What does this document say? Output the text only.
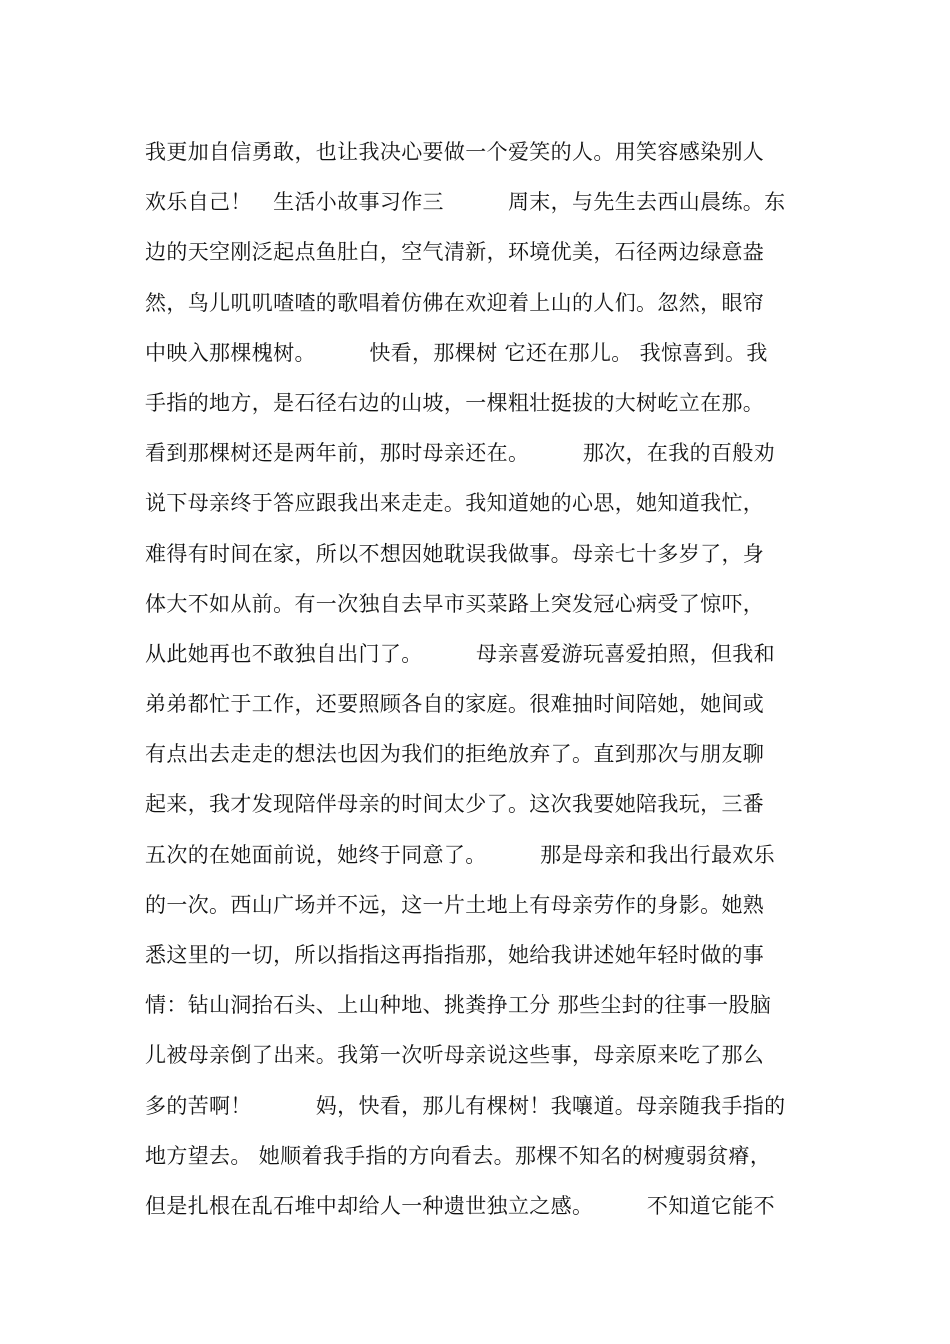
我更加自信勇敢，也让我决心要做一个爱笑的人。用笑容感染别人
欢乐自己！　生活小故事习作三　　　周末，与先生去西山晨练。东
边的天空刚泛起点鱼肚白，空气清新，环境优美，石径两边绿意盎
然，鸟儿叽叽喳喳的歌唱着仿佛在欢迎着上山的人们。忽然，眼帘
中映入那棵槐树。　　　快看，那棵树 它还在那儿。 我惊喜到。我
手指的地方，是石径右边的山坡，一棵粗壮挺拔的大树屹立在那。
看到那棵树还是两年前，那时母亲还在。　　　那次，在我的百般劝
说下母亲终于答应跟我出来走走。我知道她的心思，她知道我忙，
难得有时间在家，所以不想因她耽误我做事。母亲七十多岁了，身
体大不如从前。有一次独自去早市买菜路上突发冠心病受了惊吓，
从此她再也不敢独自出门了。　　　母亲喜爱游玩喜爱拍照，但我和
弟弟都忙于工作，还要照顾各自的家庭。很难抽时间陪她，她间或
有点出去走走的想法也因为我们的拒绝放弃了。直到那次与朋友聊
起来，我才发现陪伴母亲的时间太少了。这次我要她陪我玩，三番
五次的在她面前说，她终于同意了。　　　那是母亲和我出行最欢乐
的一次。西山广场并不远，这一片土地上有母亲劳作的身影。她熟
悉这里的一切，所以指指这再指指那，她给我讲述她年轻时做的事
情：钻山洞抬石头、上山种地、挑粪挣工分 那些尘封的往事一股脑
儿被母亲倒了出来。我第一次听母亲说这些事，母亲原来吃了那么
多的苦啊！　　　妈，快看，那儿有棵树！我嚷道。母亲随我手指的
地方望去。 她顺着我手指的方向看去。那棵不知名的树瘦弱贫瘠，
但是扎根在乱石堆中却给人一种遗世独立之感。　　　不知道它能不
